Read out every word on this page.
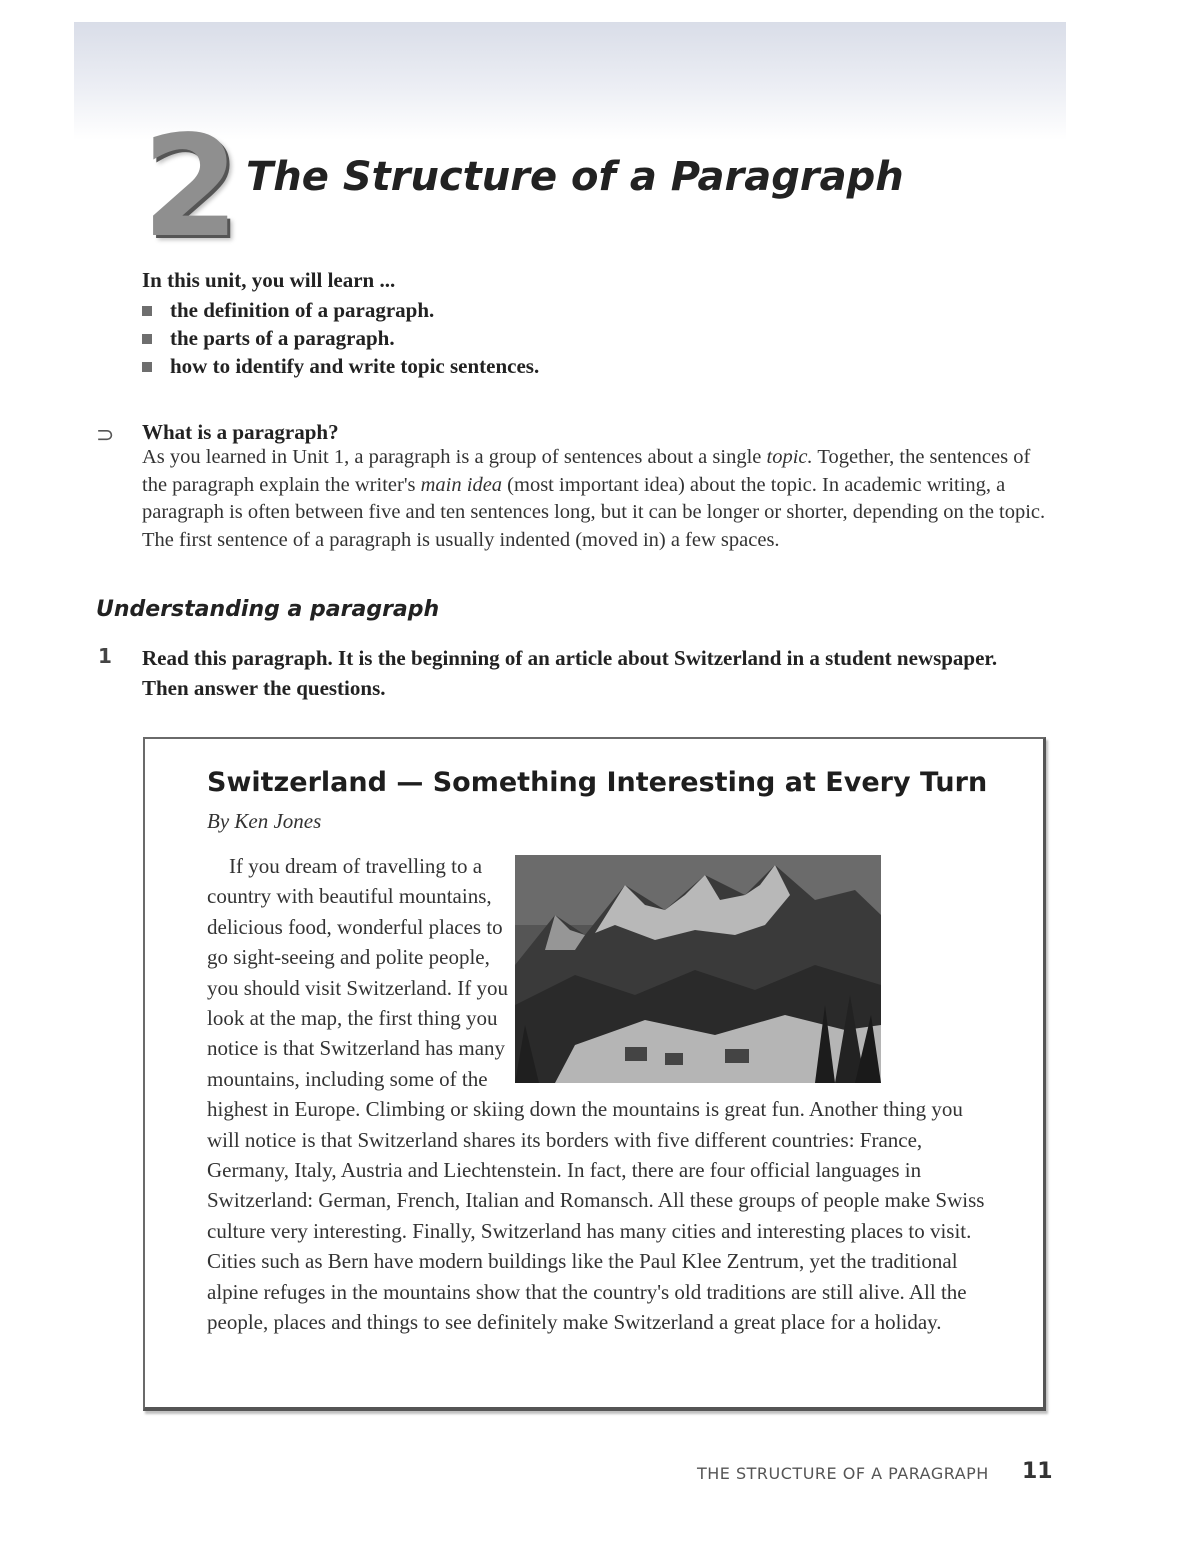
2 The Structure of a Paragraph
In this unit, you will learn ...
the definition of a paragraph.
the parts of a paragraph.
how to identify and write topic sentences.
⊃ What is a paragraph?

As you learned in Unit 1, a paragraph is a group of sentences about a single topic. Together, the sentences of the paragraph explain the writer's main idea (most important idea) about the topic. In academic writing, a paragraph is often between five and ten sentences long, but it can be longer or shorter, depending on the topic. The first sentence of a paragraph is usually indented (moved in) a few spaces.

Understanding a paragraph
1 Read this paragraph. It is the beginning of an article about Switzerland in a student newspaper. Then answer the questions.
Switzerland — Something Interesting at Every Turn
By Ken Jones

If you dream of travelling to a country with beautiful mountains, delicious food, wonderful places to go sight-seeing and polite people, you should visit Switzerland. If you look at the map, the first thing you notice is that Switzerland has many mountains, including some of the highest in Europe. Climbing or skiing down the mountains is great fun. Another thing you will notice is that Switzerland shares its borders with five different countries: France, Germany, Italy, Austria and Liechtenstein. In fact, there are four official languages in Switzerland: German, French, Italian and Romansch. All these groups of people make Swiss culture very interesting. Finally, Switzerland has many cities and interesting places to visit. Cities such as Bern have modern buildings like the Paul Klee Zentrum, yet the traditional alpine refuges in the mountains show that the country's old traditions are still alive. All the people, places and things to see definitely make Switzerland a great place for a holiday.

THE STRUCTURE OF A PARAGRAPH 11
